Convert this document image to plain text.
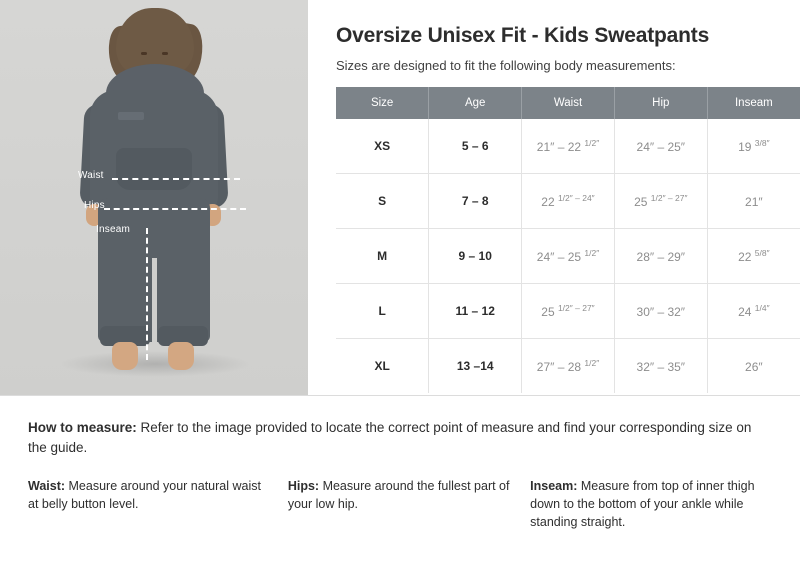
Waist
Hips
Inseam
Oversize Unisex Fit - Kids Sweatpants

Sizes are designed to fit the following body measurements:

Size	Age	Waist	Hip	Inseam
XS	5 – 6	21″ – 22 $^{1/2''}$	24″ – 25″	19 $^{3/8''}$
S	7 – 8	22 $^{1/2'' - 24''}$	25 $^{1/2'' - 27''}$	21″
M	9 – 10	24″ – 25 $^{1/2''}$	28″ – 29″	22 $^{5/8''}$
L	11 – 12	25 $^{1/2'' - 27''}$	30″ – 32″	24 $^{1/4''}$
XL	13 –14	27″ – 28 $^{1/2''}$	32″ – 35″	26″

How to measure: Refer to the image provided to locate the correct point of measure and find your corresponding size on the guide.

Waist: Measure around your natural waist at belly button level.
Hips: Measure around the fullest part of your low hip.
Inseam: Measure from top of inner thigh down to the bottom of your ankle while standing straight.
